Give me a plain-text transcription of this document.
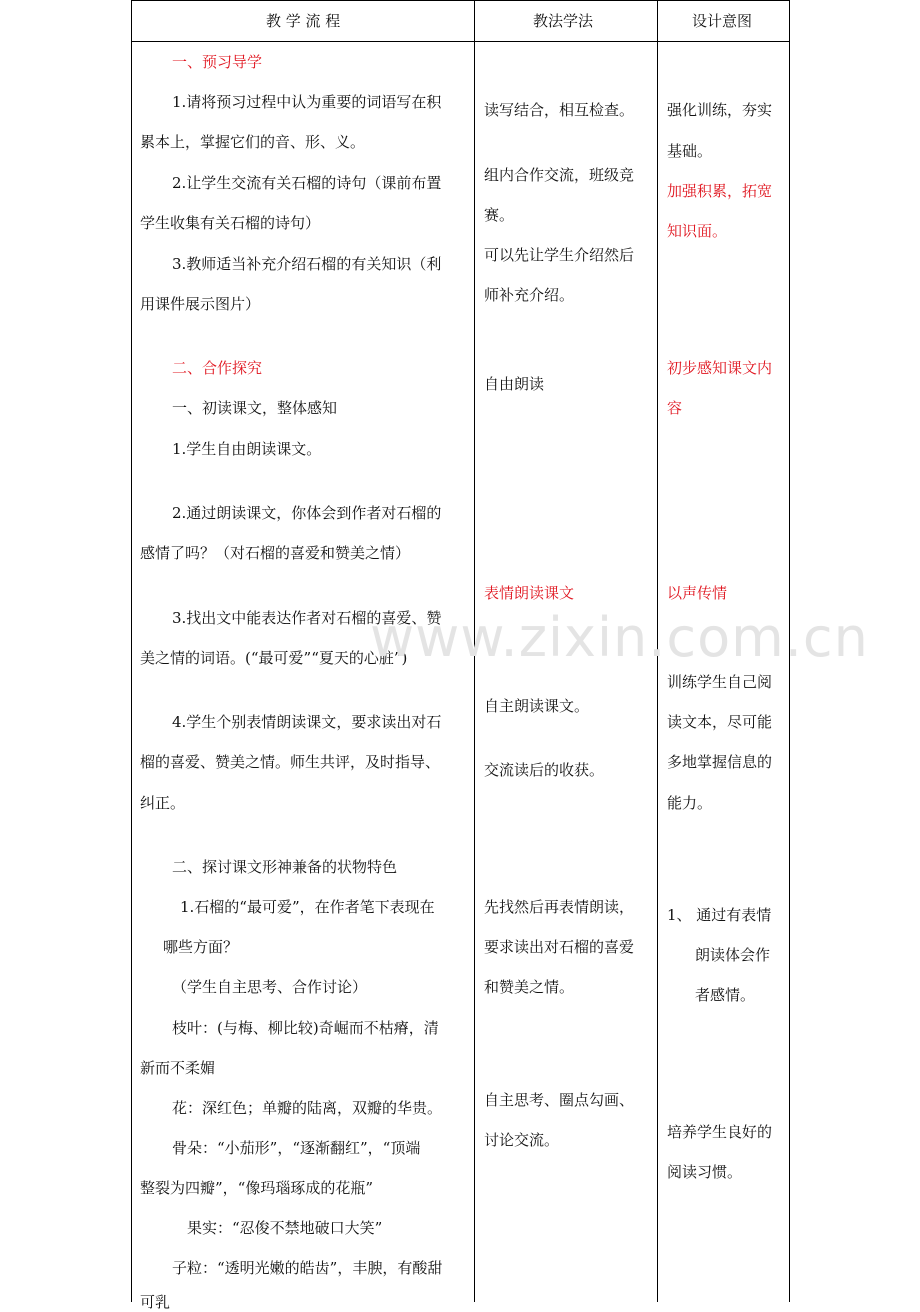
教 学 流 程	教法学法	设计意图
一、预习导学
1.请将预习过程中认为重要的词语写在积
累本上，掌握它们的音、形、义。
2.让学生交流有关石榴的诗句（课前布置
学生收集有关石榴的诗句）
3.教师适当补充介绍石榴的有关知识（利
用课件展示图片）
二、合作探究
一、初读课文，整体感知
1.学生自由朗读课文。
2.通过朗读课文，你体会到作者对石榴的
感情了吗？（对石榴的喜爱和赞美之情）
3.找出文中能表达作者对石榴的喜爱、赞
美之情的词语。(“最可爱”“夏天的心脏”)
4.学生个别表情朗读课文，要求读出对石
榴的喜爱、赞美之情。师生共评，及时指导、
纠正。
二、探讨课文形神兼备的状物特色
1.石榴的“最可爱”，在作者笔下表现在
哪些方面？
（学生自主思考、合作讨论）
枝叶：(与梅、柳比较)奇崛而不枯瘠，清
新而不柔媚
花：深红色；单瓣的陆离，双瓣的华贵。
骨朵：“小茄形”，“逐渐翻红”，“顶端
整裂为四瓣”，“像玛瑙琢成的花瓶”
果实：“忍俊不禁地破口大笑”
子粒：“透明光嫩的皓齿”，丰腴，有酸甜
可乳
读写结合，相互检查。
组内合作交流，班级竞
赛。
可以先让学生介绍然后
师补充介绍。
自由朗读
表情朗读课文
自主朗读课文。
交流读后的收获。
先找然后再表情朗读，
要求读出对石榴的喜爱
和赞美之情。
自主思考、圈点勾画、
讨论交流。
强化训练，夯实
基础。
加强积累，拓宽
知识面。
初步感知课文内
容
以声传情
训练学生自己阅
读文本，尽可能
多地掌握信息的
能力。
1、 通过有表情
朗读体会作
者感情。
培养学生良好的
阅读习惯。
www.zixin.com.cn
